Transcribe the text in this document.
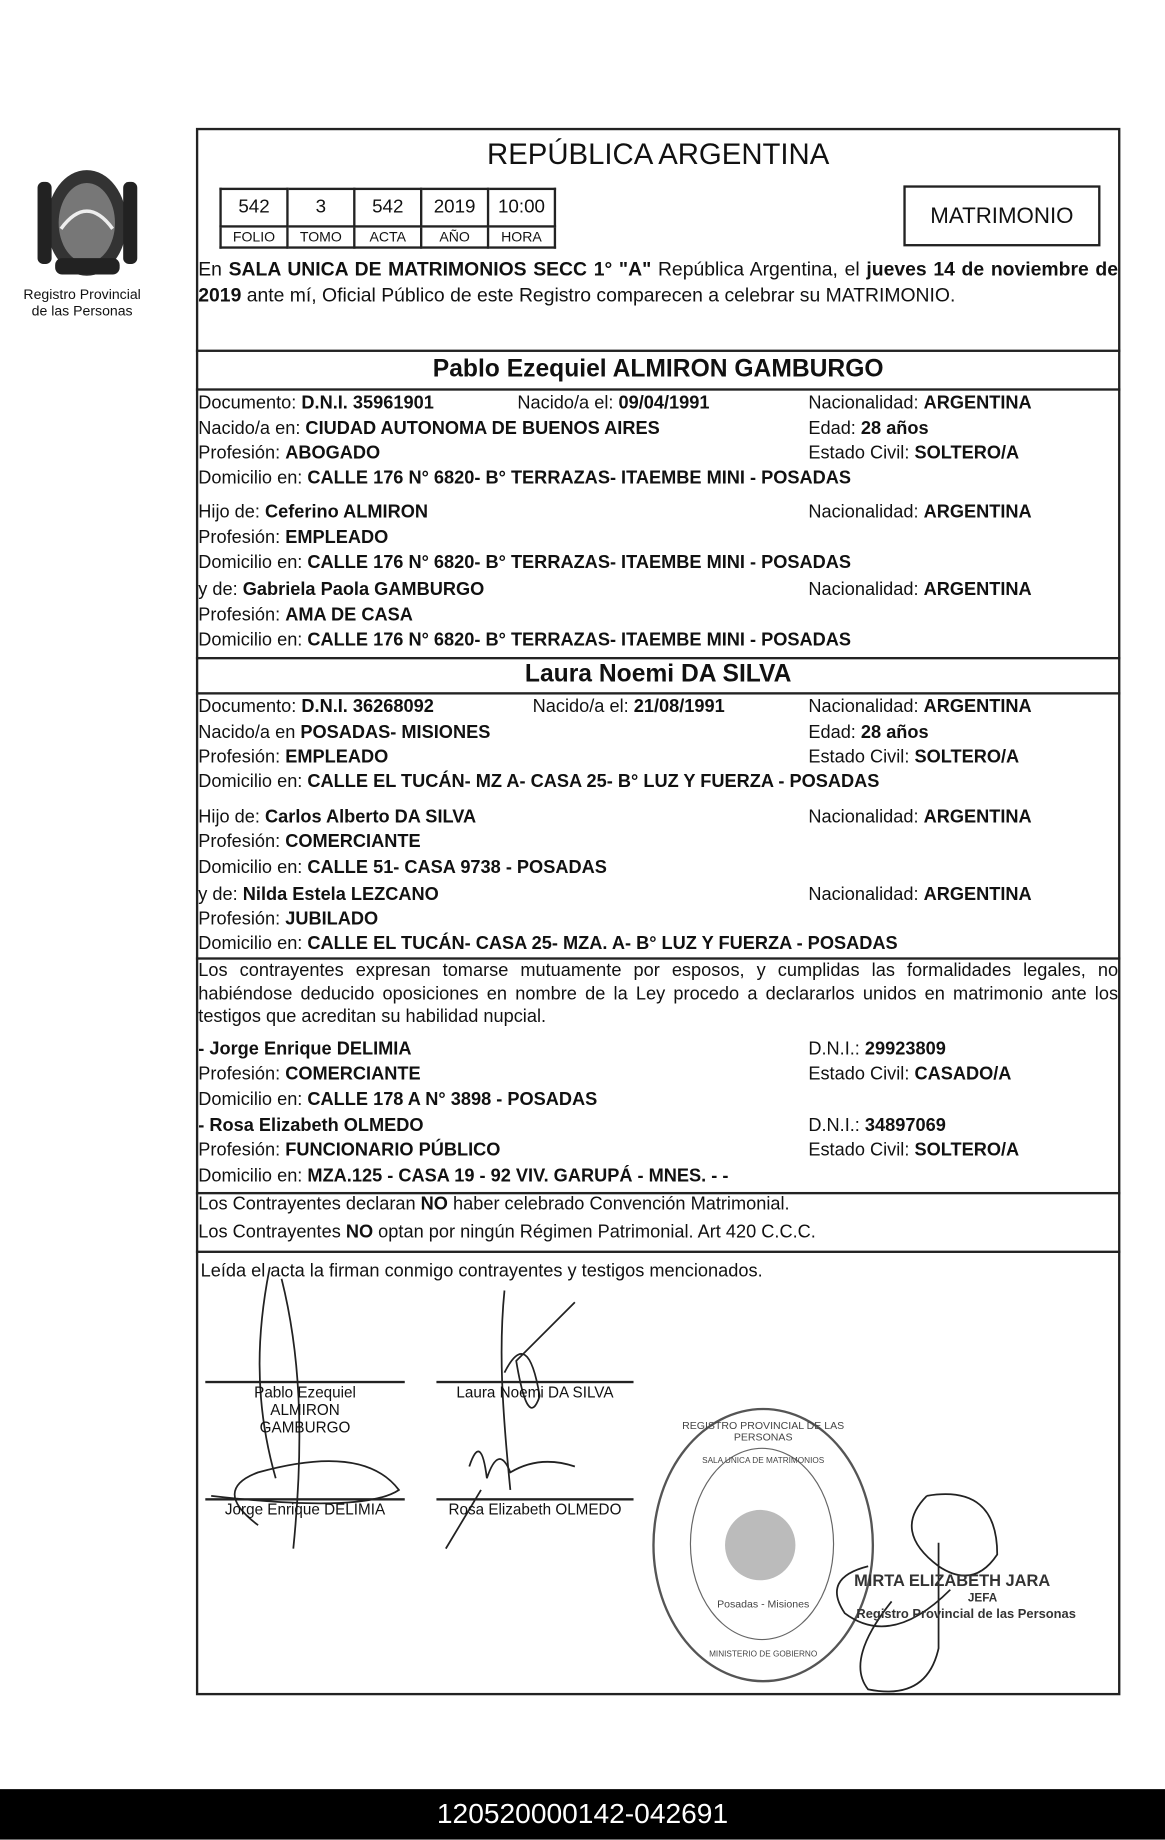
Registro Provincial
de las Personas
REPÚBLICA ARGENTINA
542	3	542	2019	10:00
FOLIO	TOMO	ACTA	AÑO	HORA
MATRIMONIO
En SALA UNICA DE MATRIMONIOS SECC 1° "A" República Argentina, el jueves 14 de noviembre de 2019 ante mí, Oficial Público de este Registro comparecen a celebrar su MATRIMONIO.
Pablo Ezequiel ALMIRON GAMBURGO
Documento: D.N.I. 35961901	Nacido/a el: 09/04/1991	Nacionalidad: ARGENTINA
Nacido/a en: CIUDAD AUTONOMA DE BUENOS AIRES	Edad: 28 años
Profesión: ABOGADO	Estado Civil: SOLTERO/A
Domicilio en: CALLE 176 N° 6820- B° TERRAZAS- ITAEMBE MINI - POSADAS
Hijo de: Ceferino ALMIRON	Nacionalidad: ARGENTINA
Profesión: EMPLEADO
Domicilio en: CALLE 176 N° 6820- B° TERRAZAS- ITAEMBE MINI - POSADAS
y de: Gabriela Paola GAMBURGO	Nacionalidad: ARGENTINA
Profesión: AMA DE CASA
Domicilio en: CALLE 176 N° 6820- B° TERRAZAS- ITAEMBE MINI - POSADAS
Laura Noemi DA SILVA
Documento: D.N.I. 36268092	Nacido/a el: 21/08/1991	Nacionalidad: ARGENTINA
Nacido/a en POSADAS- MISIONES	Edad: 28 años
Profesión: EMPLEADO	Estado Civil: SOLTERO/A
Domicilio en: CALLE EL TUCÁN- MZ A- CASA 25- B° LUZ Y FUERZA - POSADAS
Hijo de: Carlos Alberto DA SILVA	Nacionalidad: ARGENTINA
Profesión: COMERCIANTE
Domicilio en: CALLE 51- CASA 9738 - POSADAS
y de: Nilda Estela LEZCANO	Nacionalidad: ARGENTINA
Profesión: JUBILADO
Domicilio en: CALLE EL TUCÁN- CASA 25- MZA. A- B° LUZ Y FUERZA - POSADAS
Los contrayentes expresan tomarse mutuamente por esposos, y cumplidas las formalidades legales, no habiéndose deducido oposiciones en nombre de la Ley procedo a declararlos unidos en matrimonio ante los testigos que acreditan su habilidad nupcial.
- Jorge Enrique DELIMIA	D.N.I.: 29923809
Profesión: COMERCIANTE	Estado Civil: CASADO/A
Domicilio en: CALLE 178 A N° 3898 - POSADAS
- Rosa Elizabeth OLMEDO	D.N.I.: 34897069
Profesión: FUNCIONARIO PÚBLICO	Estado Civil: SOLTERO/A
Domicilio en: MZA.125 - CASA 19 - 92 VIV. GARUPÁ - MNES. - -
Los Contrayentes declaran NO haber celebrado Convención Matrimonial.
Los Contrayentes NO optan por ningún Régimen Patrimonial. Art 420 C.C.C.
Leída el acta la firman conmigo contrayentes y testigos mencionados.
Pablo Ezequiel ALMIRON GAMBURGO
Laura Noemi DA SILVA
Jorge Enrique DELIMIA	Rosa Elizabeth OLMEDO
REGISTRO PROVINCIAL DE LAS PERSONAS
SALA UNICA DE MATRIMONIOS
Posadas - Misiones
MINISTERIO DE GOBIERNO
MIRTA ELIZABETH JARA
JEFA
Registro Provincial de las Personas
120520000142-042691
